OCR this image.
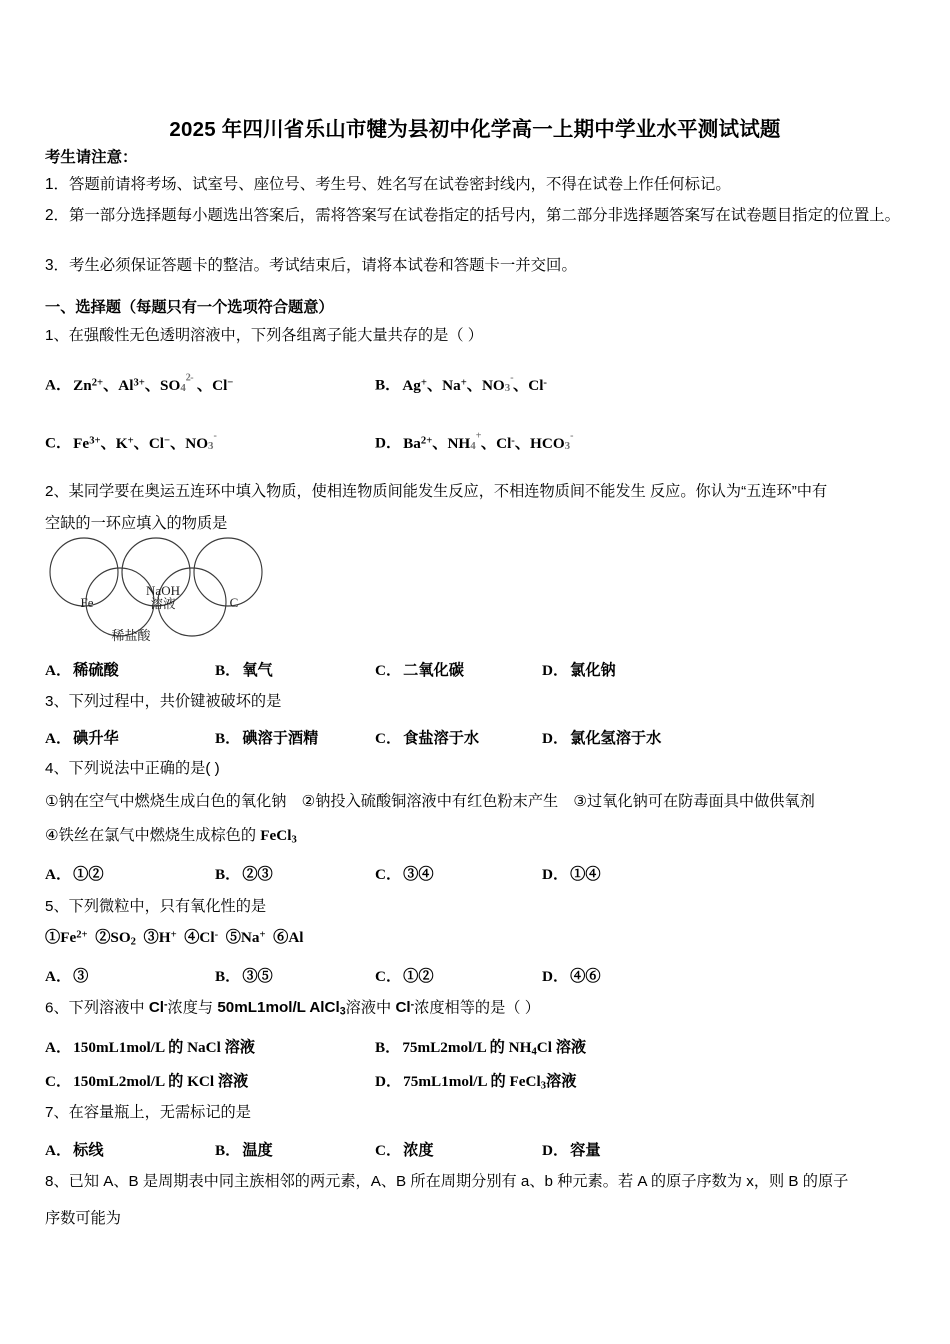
2025 年四川省乐山市犍为县初中化学高一上期中学业水平测试试题
考生请注意：
1．答题前请将考场、试室号、座位号、考生号、姓名写在试卷密封线内，不得在试卷上作任何标记。
2．第一部分选择题每小题选出答案后，需将答案写在试卷指定的括号内，第二部分非选择题答案写在试卷题目指定的位置上。
3．考生必须保证答题卡的整洁。考试结束后，请将本试卷和答题卡一并交回。
一、选择题（每题只有一个选项符合题意）
1、在强酸性无色透明溶液中，下列各组离子能大量共存的是（ ）
A． $Zn^{2+}$、$Al^{3+}$、$SO4^{2-}$ 、Cl−	B． Ag+、Na+、NO3-、Cl-
C． $Fe^{3+}$、K+、Cl−、NO3-	D． $Ba^{2+}$、NH4+、Cl-、HCO3-
2、某同学要在奥运五连环中填入物质，使相连物质间能发生反应，不相连物质间不能发生 反应。你认为“五连环”中有
空缺的一环应填入的物质是
Fe
NaOH
溶液	C
稀盐酸
A． 稀硫酸	B． 氧气	C． 二氧化碳	D． 氯化钠
3、下列过程中，共价键被破坏的是
A． 碘升华	B． 碘溶于酒精	C． 食盐溶于水	D． 氯化氢溶于水
4、下列说法中正确的是( )
①钠在空气中燃烧生成白色的氧化钠　②钠投入硫酸铜溶液中有红色粉末产生　③过氧化钠可在防毒面具中做供氧剂
④铁丝在氯气中燃烧生成棕色的 FeCl$_3$
A． ①②	B． ②③	C． ③④	D． ①④
5、下列微粒中，只有氧化性的是
$①Fe^{2+}$  $②SO_2$  ③H+  ④Cl-  ⑤Na+  ⑥Al
A． ③	B． ③⑤	C． ①②	D． ④⑥
6、下列溶液中 Cl-浓度与 50mL1mol/L AlCl$_3$溶液中 Cl-浓度相等的是（ ）
A． 150mL1mol/L 的 NaCl 溶液	B． 75mL2mol/L 的 $NH_4Cl$ 溶液
C． 150mL2mol/L 的 KCl 溶液	D． 75mL1mol/L 的 FeCl$_3$溶液
7、在容量瓶上，无需标记的是
A． 标线	B． 温度	C． 浓度	D． 容量
8、已知 A、B 是周期表中同主族相邻的两元素，A、B 所在周期分别有 a、b 种元素。若 A 的原子序数为 x，则 B 的原子
序数可能为
